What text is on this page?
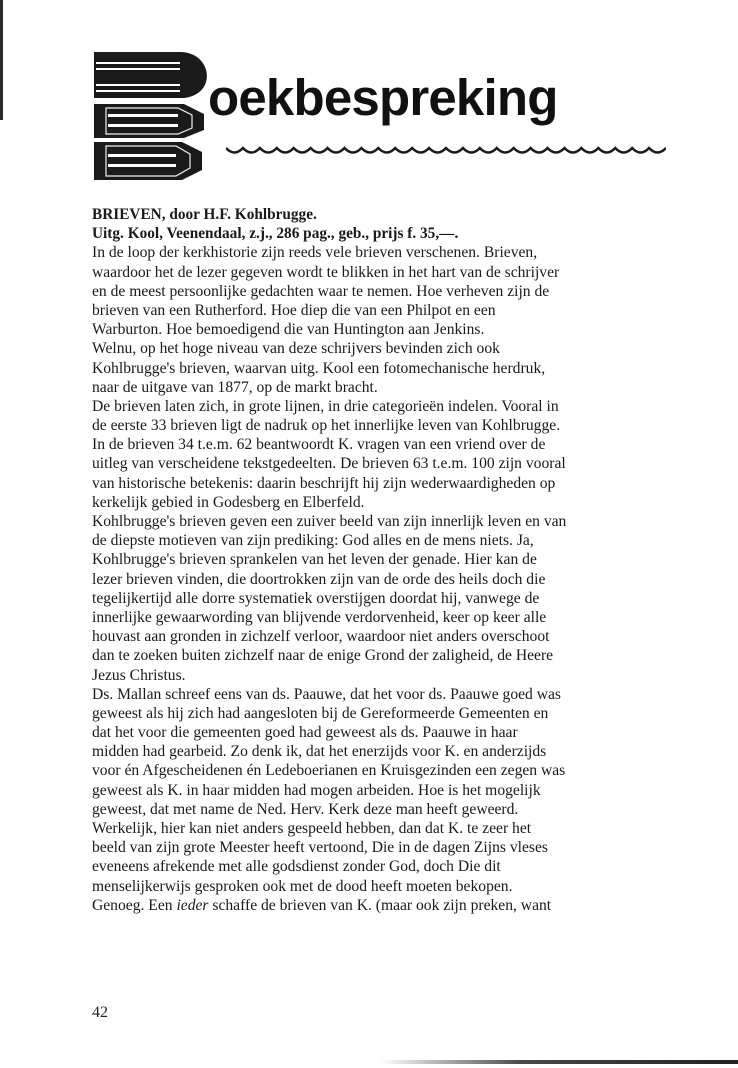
oekbespreking
BRIEVEN, door H.F. Kohlbrugge.
Uitg. Kool, Veenendaal, z.j., 286 pag., geb., prijs f. 35,—.
In de loop der kerkhistorie zijn reeds vele brieven verschenen. Brieven,
waardoor het de lezer gegeven wordt te blikken in het hart van de schrijver
en de meest persoonlijke gedachten waar te nemen. Hoe verheven zijn de
brieven van een Rutherford. Hoe diep die van een Philpot en een
Warburton. Hoe bemoedigend die van Huntington aan Jenkins.
Welnu, op het hoge niveau van deze schrijvers bevinden zich ook
Kohlbrugge's brieven, waarvan uitg. Kool een fotomechanische herdruk,
naar de uitgave van 1877, op de markt bracht.
De brieven laten zich, in grote lijnen, in drie categorieën indelen. Vooral in
de eerste 33 brieven ligt de nadruk op het innerlijke leven van Kohlbrugge.
In de brieven 34 t.e.m. 62 beantwoordt K. vragen van een vriend over de
uitleg van verscheidene tekstgedeelten. De brieven 63 t.e.m. 100 zijn vooral
van historische betekenis: daarin beschrijft hij zijn wederwaardigheden op
kerkelijk gebied in Godesberg en Elberfeld.
Kohlbrugge's brieven geven een zuiver beeld van zijn innerlijk leven en van
de diepste motieven van zijn prediking: God alles en de mens niets. Ja,
Kohlbrugge's brieven sprankelen van het leven der genade. Hier kan de
lezer brieven vinden, die doortrokken zijn van de orde des heils doch die
tegelijkertijd alle dorre systematiek overstijgen doordat hij, vanwege de
innerlijke gewaarwording van blijvende verdorvenheid, keer op keer alle
houvast aan gronden in zichzelf verloor, waardoor niet anders overschoot
dan te zoeken buiten zichzelf naar de enige Grond der zaligheid, de Heere
Jezus Christus.
Ds. Mallan schreef eens van ds. Paauwe, dat het voor ds. Paauwe goed was
geweest als hij zich had aangesloten bij de Gereformeerde Gemeenten en
dat het voor die gemeenten goed had geweest als ds. Paauwe in haar
midden had gearbeid. Zo denk ik, dat het enerzijds voor K. en anderzijds
voor én Afgescheidenen én Ledeboerianen en Kruisgezinden een zegen was
geweest als K. in haar midden had mogen arbeiden. Hoe is het mogelijk
geweest, dat met name de Ned. Herv. Kerk deze man heeft geweerd.
Werkelijk, hier kan niet anders gespeeld hebben, dan dat K. te zeer het
beeld van zijn grote Meester heeft vertoond, Die in de dagen Zijns vleses
eveneens afrekende met alle godsdienst zonder God, doch Die dit
menselijkerwijs gesproken ook met de dood heeft moeten bekopen.
Genoeg. Een ieder schaffe de brieven van K. (maar ook zijn preken, want
42
